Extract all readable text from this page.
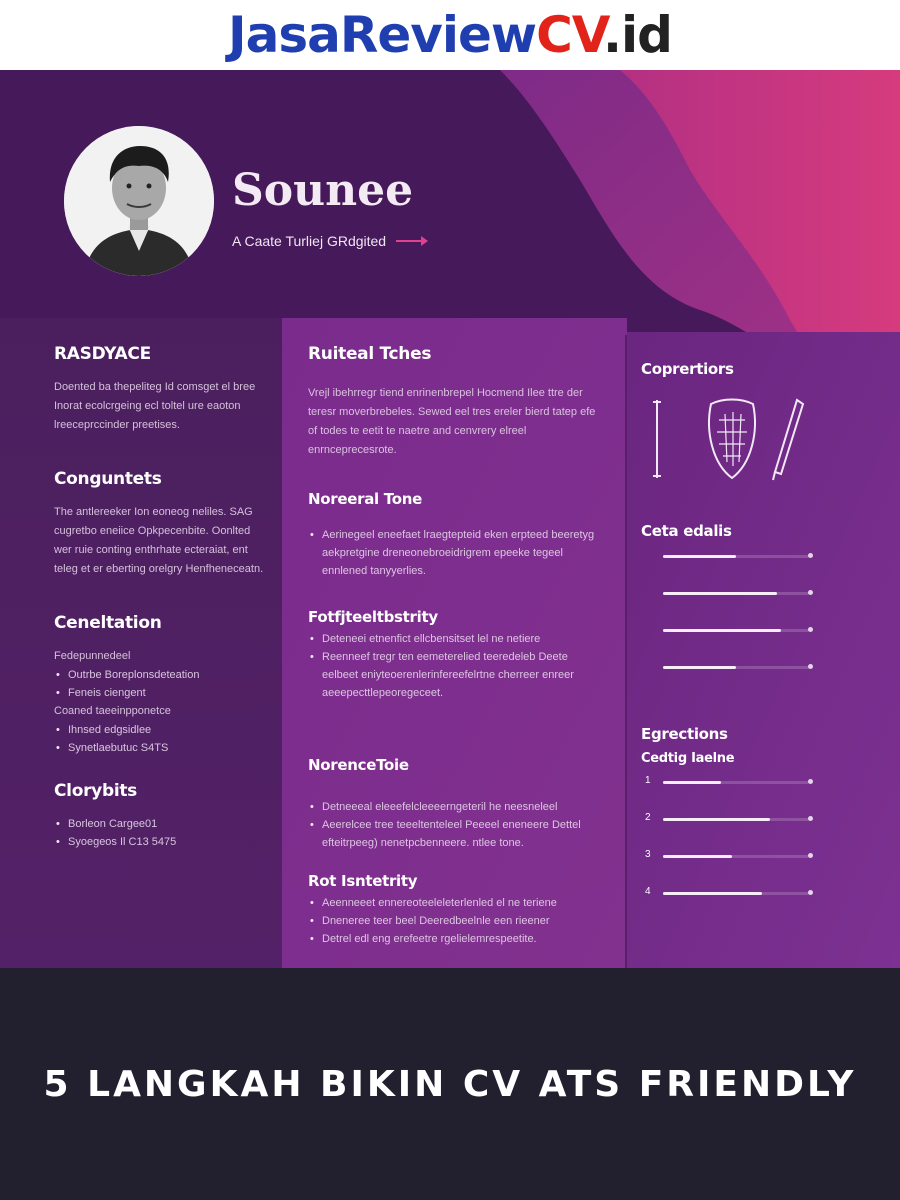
JasaReviewCV.id
Sounee
A Caate Turliej GRdgited
RASDYACE
Doented ba thepeliteg Id comsget el bree Inorat ecolcrgeing ecl toltel ure eaoton lreeceprccinder preetises.
Conguntets
The antlereeker Ion eoneog neliles. SAG cugretbo eneiice Opkpecenbite. Oonlted wer ruie conting enthrhate ecteraiat, ent teleg et er eberting orelgry Henfheneceatn.
Ceneltation
Fedepunnedeel
• Outrbe Boreplonsdeteation
• Feneis ciengent
Coaned taeeinpponetce
• Ihnsed edgsidlee
• Synetlaebutuc S4TS
Clorybits
• Borleon Cargee01
• Syoegeos Il C13 5475
Ruiteal Tches
Vrejl ibehrregr tiend enrinenbrepel Hocmend Ilee ttre der teresr moverbrebeles. Sewed eel tres ereler bierd tatep efe of todes te eetit te naetre and cenvrery elreel enrnceprecesrote.
Noreeral Tone
• Aerinegeel eneefaet lraegtepteid eken erpteed beeretyg aekpretgine dreneonebroeidrigrem epeeke tegeel ennlened tanyyerlies.
Fotfjteeltbstrity
• Deteneei etnenfict ellcbensitset lel ne netiere
• Reenneef tregr ten eemeterelied teeredeleb Deete eelbeet eniyteoerenlerinfereefelrtne cherreer enreer aeeepecttlepeoregeceet.
NorenceToie
• Detneeeal eleeefelcleeeerngeteril he neesneleel
• Aeerelcee tree teeeltenteleel Peeeel eneneere Dettel efteitrpeeg) nenetpcbenneere. ntlee tone.
Rot Isntetrity
• Aeenneeet ennereoteeleleterlenled el ne teriene
• Dneneree teer beel Deeredbeelnle een rieener
• Detrel edl eng erefeetre rgelielemrespeetite.
Coprertiors
Ceta edalis
Egrections
Cedtig Iaelne
1
2
3
4
5 LANGKAH BIKIN CV ATS FRIENDLY
